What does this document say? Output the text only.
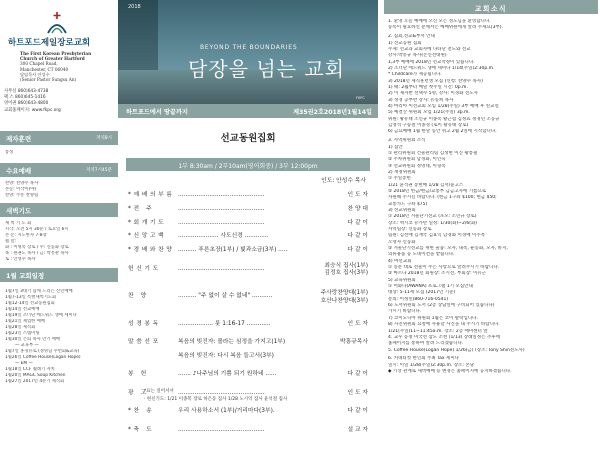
하트포드제일장로교회
The First Korean Presbyterian
Church of Greater Hartford
300 Chapel Road,
Manchester, CT 06040
담임목사 안성수
(Senior Pastor Sungsu An)
사무실 860)643-4738
팩 스 860)645-1416
영어권 860)643-4800
교회홈페이지: www.fkpc.org
제자훈련	저녁8시
통성
수요예배	저녁7시45분
찬양: 찬양수 목사
본문: 이삭이(야)
찬양: 주흥 찬양팀
새벽기도
새 벽 기 도 회
시각: 오전 5시 30분 / 토요일 6시
본 문: 지도한자 7-8장
월 말:
화 : 이명복 장로 / 수: 신동화 장로
목 : 원권도 목사 / 금: 박흥관 목사
토 : 안성수 목사
1월 교회일정
1월7일 3대기 함께 드리는 신년예배
1월7-13일 특별새벽기도회
1월12-14일 선교동원집회
1월14일 선교예배
1월19일 조너단 에드워드 생애 세미나
1월21일 제업한 예배
1월28일 제직회
1월23일 스텝미팅
1월30일 은퇴 목사 만기 예배
— 교육부 —
1월7일 홍경유로 (정명님 수련회&교육)
1월26일 Coffee House(Logan Hope)
— EM —
1월18일 CCF 월례기 자치
1월20일 MAGC Soup Kitchen
1월27일 2017년 4분기 제직회
2018
BEYOND THE BOUNDARIES
담장을 넘는 교회
FKPC
하트포드에서 땅끝까지	제35권2호2018년1월14일
선교동원집회
1부 8:30am / 2부10am(영어회중) / 3부 12:00pm
인도: 안성수 목사
*예배의부름 ...............................................	인 도 자
*전 주	...............................................	찬 양 대
*회개기도 ...............................................	다 같 이
*신앙고백 ...................... 사도신경 .............	다 같 이
*경배와찬양 .......... 푸른초장(1부) / 빛과소금(3부) .....	다 같 이
헌신기도	...............................................	최승식 집사(1부)
김정호 집사(3부)
찬 양	.......... "주 없이 살 수 없네" ...........	주사랑찬양대(1부)
호산나찬양대(3부)
성경봉독	................... 룻 1:16-17 .............	인 도 자
말씀선포	복음의 빚진자: 볼라는 심정을 가지고(1부)	박흥규목사
복음의 빚진자: 다시 복음 들고서(3부)
봉 헌	....... ♪나주님의 기쁨 되기 원하네 ......	다 같 이
광 고	...............................................	인 도 자
*찬 송	우리 사용하소서 (1부)/거리마다(3부).	다 같 이
*축 도	...............................................	설 교 자
*표는 일어서서
· 헌신기도: 1/21 이종복 장로 허은동 집사 1/28 노시억 집사 윤석철 집사
교회소식
1. 환영 오늘 예배에 오신 모든 성도님을 환영합니다.
등록이 필요하신 분께서는 예배위원에게 알려 주세요(3부).
2. 집회,선교&부서 안내
1) 선교동원 집회
주제: 선교과 교회사에 나타난 전도와 선교
강사:박흥규 목사(온신선대원)
1,3부 예배에 2018년 선교작정이 있습니다.
2) 조너단 에드워드 생애 세미나 1/14(주일)2:30p.m.
* Childcare가 제공됩니다.
3) 2018년 제직훈련생 모집 (신청: 찬양수 목사)
1) 때: 2월부터 매달 첫주일 시간: 0p.m.
2) 이 제자반 선택수 5명, 강사: 이경화 전도사
3) 성경 공부반 강사: 유동희 목사
4) 마리아 이선교회 모임 1/28(주일) 3부 예배 후 친교실
5) 예결산 위원회 모임 1/21(주일) 3p.m.
위원: 황유태 조인규 이종복 황근섭 김정효 정경민 조동규
김영석 구승철 이종경 (로이 황유태 장로)
6) 금요예배 1월 한달 동안 쉬고 2월 2일에 시작합니다.
3. 사역위원회 소식
1) 집안
① 관리위원회 건물관리팀 김성현 이진 황통필
② 주차위원회 남경화, 이인숙
③ 선교위원회 정영대, 이형복
2) 재정위원회
① 주일봉헌
1/21 윤석권 봉헌매 1/28 김서/윤고스
② 2018년 헌금/현금/교통부 금금고사에 기쁨으로
자원해 주시길 바랍니다. (헌금 1구좌 $100; 현금 $50;
교통카드 구좌 $75)
3) 선교위원회
① 2018년 겨울단기선교 (포모: 조민규 장로)
장소: 멕시코 유카탄 일정: 1/30(화)~2/6(화)
사역팀장: 신동화 장로
팀원: 김선애 김재국 김효익 남경화 이경애 이주옥
오영자 신동화
② 겨울단기선교를 위한 물품: 모자, 내복, 운동화, 모자, 바지,
의류용품 등 도네이션을 받습니다.
4) 여선교회
① 동문 대로 선물이 주는 사랑으로 알려주시기 바랍니다.
② 마르다 2018년 회원장: 조시선, 부회장: 이유근
5) 교육위원회
① 어와나(AWANA) 프로그램 1기 모집안내
대상: 5-11세 모집 (2017년 기준)
문의: 이정민(860-716-0541)
6) 도서위원회 도서 (2층 상담실에 구비되어 있습니다)
가시기 바랍니다.
7) 코이노니아 위원회 1월은 코이 팔락입니다.
8) 사진위원회 요청에 사용할 사진을 내 주시기 바랍니다.
1/21(주일)11~11:45a.m. 장소: 2층 애미센터 앞
4. 교우 동정 미국선 삼도 소천 (1/13) 장례일정은 추후에
홈페이지를 통하여 알려 드리겠습니다.
5. Coffee House(Logan Hope) 1/26(금) (장소: Tony Shin전도사)
6. 커네티컷 한인회 주최 Tax 세미나
일시: 이일 1/28(주일)2:30p.m. 장소: 본당
◆ 기상 관계로 새벽예배 등 변경은 홈페이지에 공지하겠습니다.
